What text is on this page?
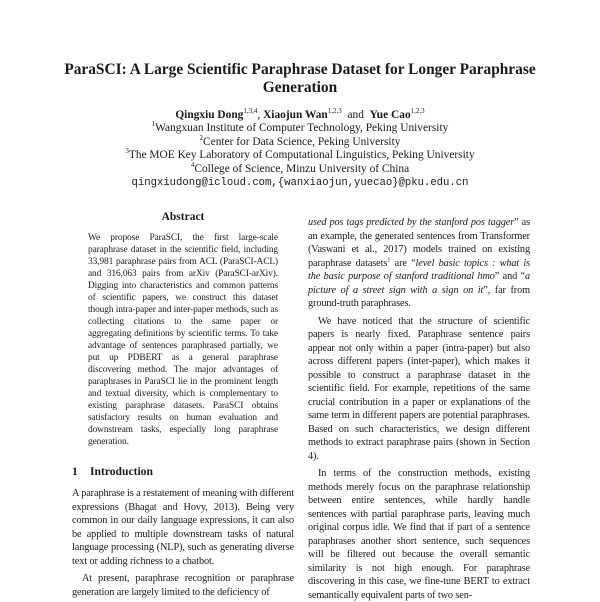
ParaSCI: A Large Scientific Paraphrase Dataset for Longer Paraphrase Generation
Qingxiu Dong$^{1,3,4}$, Xiaojun Wan$^{1,2,3}$ and Yue Cao$^{1,2,3}$
$^1$Wangxuan Institute of Computer Technology, Peking University
$^2$Center for Data Science, Peking University
$^3$The MOE Key Laboratory of Computational Linguistics, Peking University
$^4$College of Science, Minzu University of China
qingxiudong@icloud.com,{wanxiaojun,yuecao}@pku.edu.cn
Abstract

We propose ParaSCI, the first large-scale paraphrase dataset in the scientific field, including 33,981 paraphrase pairs from ACL (ParaSCI-ACL) and 316,063 pairs from arXiv (ParaSCI-arXiv). Digging into characteristics and common patterns of scientific papers, we construct this dataset though intra-paper and inter-paper methods, such as collecting citations to the same paper or aggregating definitions by scientific terms. To take advantage of sentences paraphrased partially, we put up PDBERT as a general paraphrase discovering method. The major advantages of paraphrases in ParaSCI lie in the prominent length and textual diversity, which is complementary to existing paraphrase datasets. ParaSCI obtains satisfactory results on human evaluation and downstream tasks, especially long paraphrase generation.

1 Introduction

A paraphrase is a restatement of meaning with different expressions (Bhagat and Hovy, 2013). Being very common in our daily language expressions, it can also be applied to multiple downstream tasks of natural language processing (NLP), such as generating diverse text or adding richness to a chatbot.

At present, paraphrase recognition or paraphrase generation are largely limited to the deficiency of

used pos tags predicted by the stanford pos tagger” as an example, the generated sentences from Transformer (Vaswani et al., 2017) models trained on existing paraphrase datasets$^1$ are “level basic topics : what is the basic purpose of stanford traditional hmo” and “a picture of a street sign with a sign on it”, far from ground-truth paraphrases.

We have noticed that the structure of scientific papers is nearly fixed. Paraphrase sentence pairs appear not only within a paper (intra-paper) but also across different papers (inter-paper), which makes it possible to construct a paraphrase dataset in the scientific field. For example, repetitions of the same crucial contribution in a paper or explanations of the same term in different papers are potential paraphrases. Based on such characteristics, we design different methods to extract paraphrase pairs (shown in Section 4).

In terms of the construction methods, existing methods merely focus on the paraphrase relationship between entire sentences, while hardly handle sentences with partial paraphrase parts, leaving much original corpus idle. We find that if part of a sentence paraphrases another short sentence, such sequences will be filtered out because the overall semantic similarity is not high enough. For paraphrase discovering in this case, we fine-tune BERT to extract semantically equivalent parts of two sen-
